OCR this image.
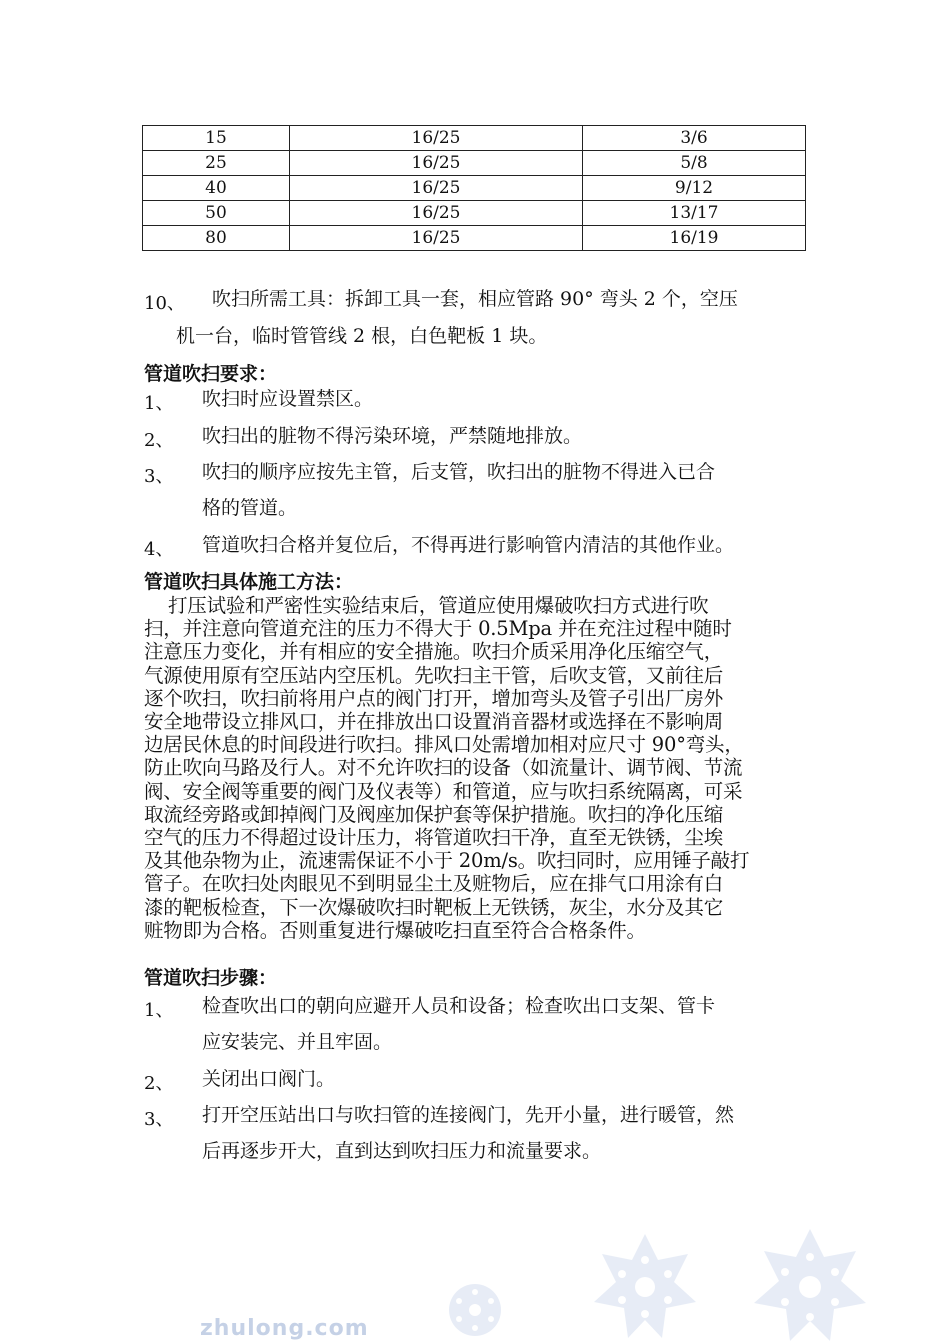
15	16/25	3/6
25	16/25	5/8
40	16/25	9/12
50	16/25	13/17
80	16/25	16/19
10、 吹扫所需工具：拆卸工具一套，相应管路 90° 弯头 2 个，空压
机一台，临时管管线 2 根，白色靶板 1 块。
管道吹扫要求：
1、 吹扫时应设置禁区。
2、 吹扫出的脏物不得污染环境，严禁随地排放。
3、 吹扫的顺序应按先主管，后支管，吹扫出的脏物不得进入已合
格的管道。
4、 管道吹扫合格并复位后，不得再进行影响管内清洁的其他作业。
管道吹扫具体施工方法：
打压试验和严密性实验结束后，管道应使用爆破吹扫方式进行吹
扫，并注意向管道充注的压力不得大于 0.5Mpa 并在充注过程中随时
注意压力变化，并有相应的安全措施。吹扫介质采用净化压缩空气，
气源使用原有空压站内空压机。先吹扫主干管，后吹支管，又前往后
逐个吹扫，吹扫前将用户点的阀门打开，增加弯头及管子引出厂房外
安全地带设立排风口，并在排放出口设置消音器材或选择在不影响周
边居民休息的时间段进行吹扫。排风口处需增加相对应尺寸 90°弯头，
防止吹向马路及行人。对不允许吹扫的设备（如流量计、调节阀、节流
阀、安全阀等重要的阀门及仪表等）和管道，应与吹扫系统隔离，可采
取流经旁路或卸掉阀门及阀座加保护套等保护措施。吹扫的净化压缩
空气的压力不得超过设计压力，将管道吹扫干净，直至无铁锈，尘埃
及其他杂物为止，流速需保证不小于 20m/s。吹扫同时，应用锤子敲打
管子。在吹扫处肉眼见不到明显尘土及赃物后，应在排气口用涂有白
漆的靶板检查，下一次爆破吹扫时靶板上无铁锈，灰尘，水分及其它
赃物即为合格。否则重复进行爆破吃扫直至符合合格条件。
管道吹扫步骤：
1、 检查吹出口的朝向应避开人员和设备；检查吹出口支架、管卡
应安装完、并且牢固。
2、 关闭出口阀门。
3、 打开空压站出口与吹扫管的连接阀门，先开小量，进行暖管，然
后再逐步开大，直到达到吹扫压力和流量要求。
zhulong.com
